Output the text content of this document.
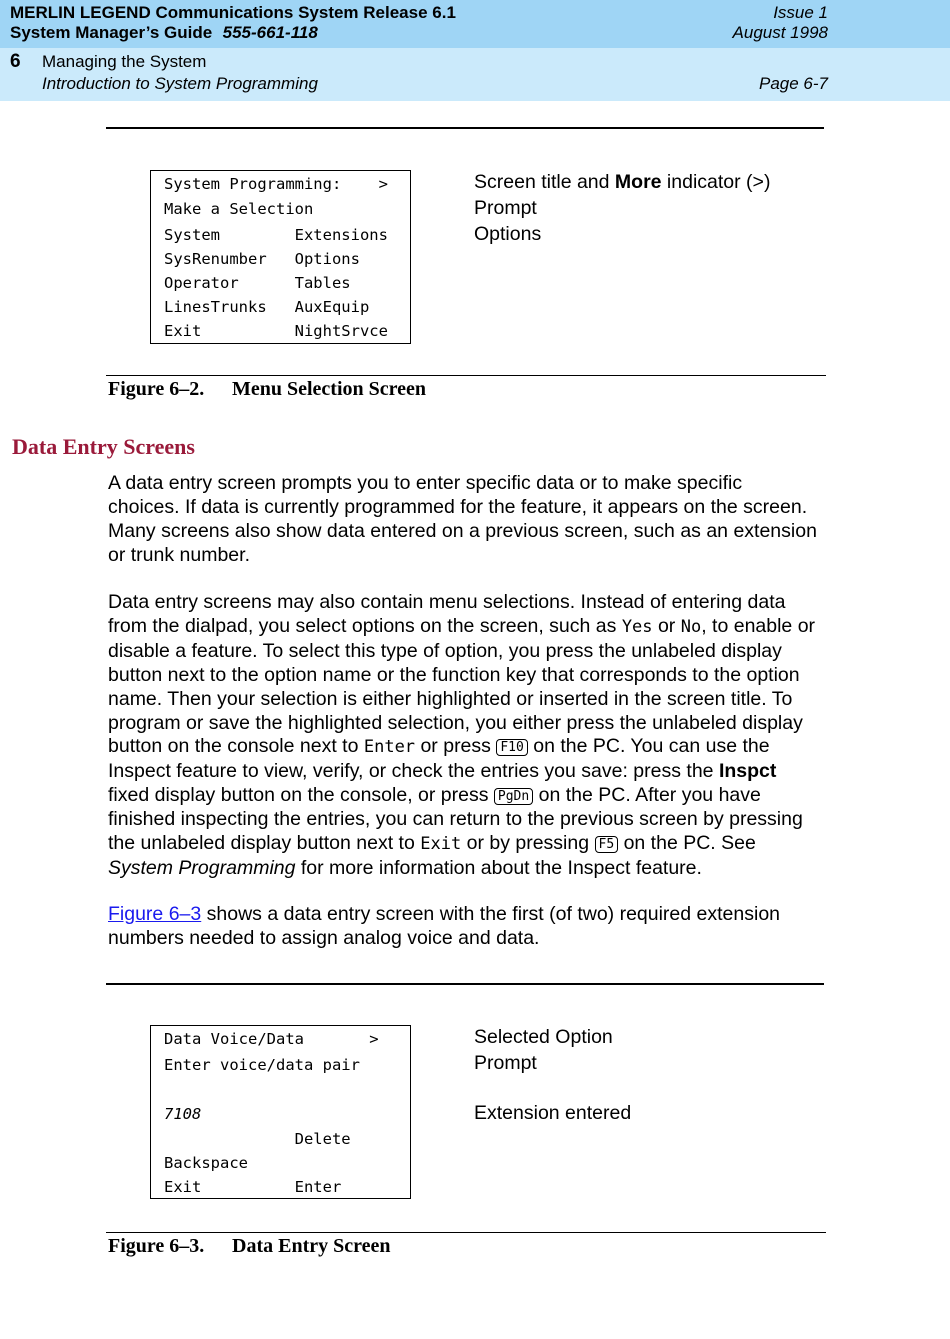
MERLIN LEGEND Communications System Release 6.1
System Manager’s Guide 555-661-118
Issue 1
August 1998
6 Managing the System
Introduction to System Programming	Page 6-7
System Programming:    >
Make a Selection
System        Extensions
SysRenumber   Options
Operator      Tables
LinesTrunks   AuxEquip
Exit          NightSrvce
Screen title and More indicator (>)
Prompt
Options
Figure 6–2. Menu Selection Screen
Data Entry Screens
A data entry screen prompts you to enter specific data or to make specific
choices. If data is currently programmed for the feature, it appears on the screen.
Many screens also show data entered on a previous screen, such as an extension
or trunk number.
Data entry screens may also contain menu selections. Instead of entering data
from the dialpad, you select options on the screen, such as Yes or No, to enable or
disable a feature. To select this type of option, you press the unlabeled display
button next to the option name or the function key that corresponds to the option
name. Then your selection is either highlighted or inserted in the screen title. To
program or save the highlighted selection, you either press the unlabeled display
button on the console next to Enter or press F10 on the PC. You can use the
Inspect feature to view, verify, or check the entries you save: press the Inspct
fixed display button on the console, or press PgDn on the PC. After you have
finished inspecting the entries, you can return to the previous screen by pressing
the unlabeled display button next to Exit or by pressing F5 on the PC. See
System Programming for more information about the Inspect feature.
Figure 6–3 shows a data entry screen with the first (of two) required extension
numbers needed to assign analog voice and data.
Data Voice/Data       >
Enter voice/data pair
7108
Delete
Backspace
Exit          Enter
Selected Option
Prompt
Extension entered
Figure 6–3. Data Entry Screen
